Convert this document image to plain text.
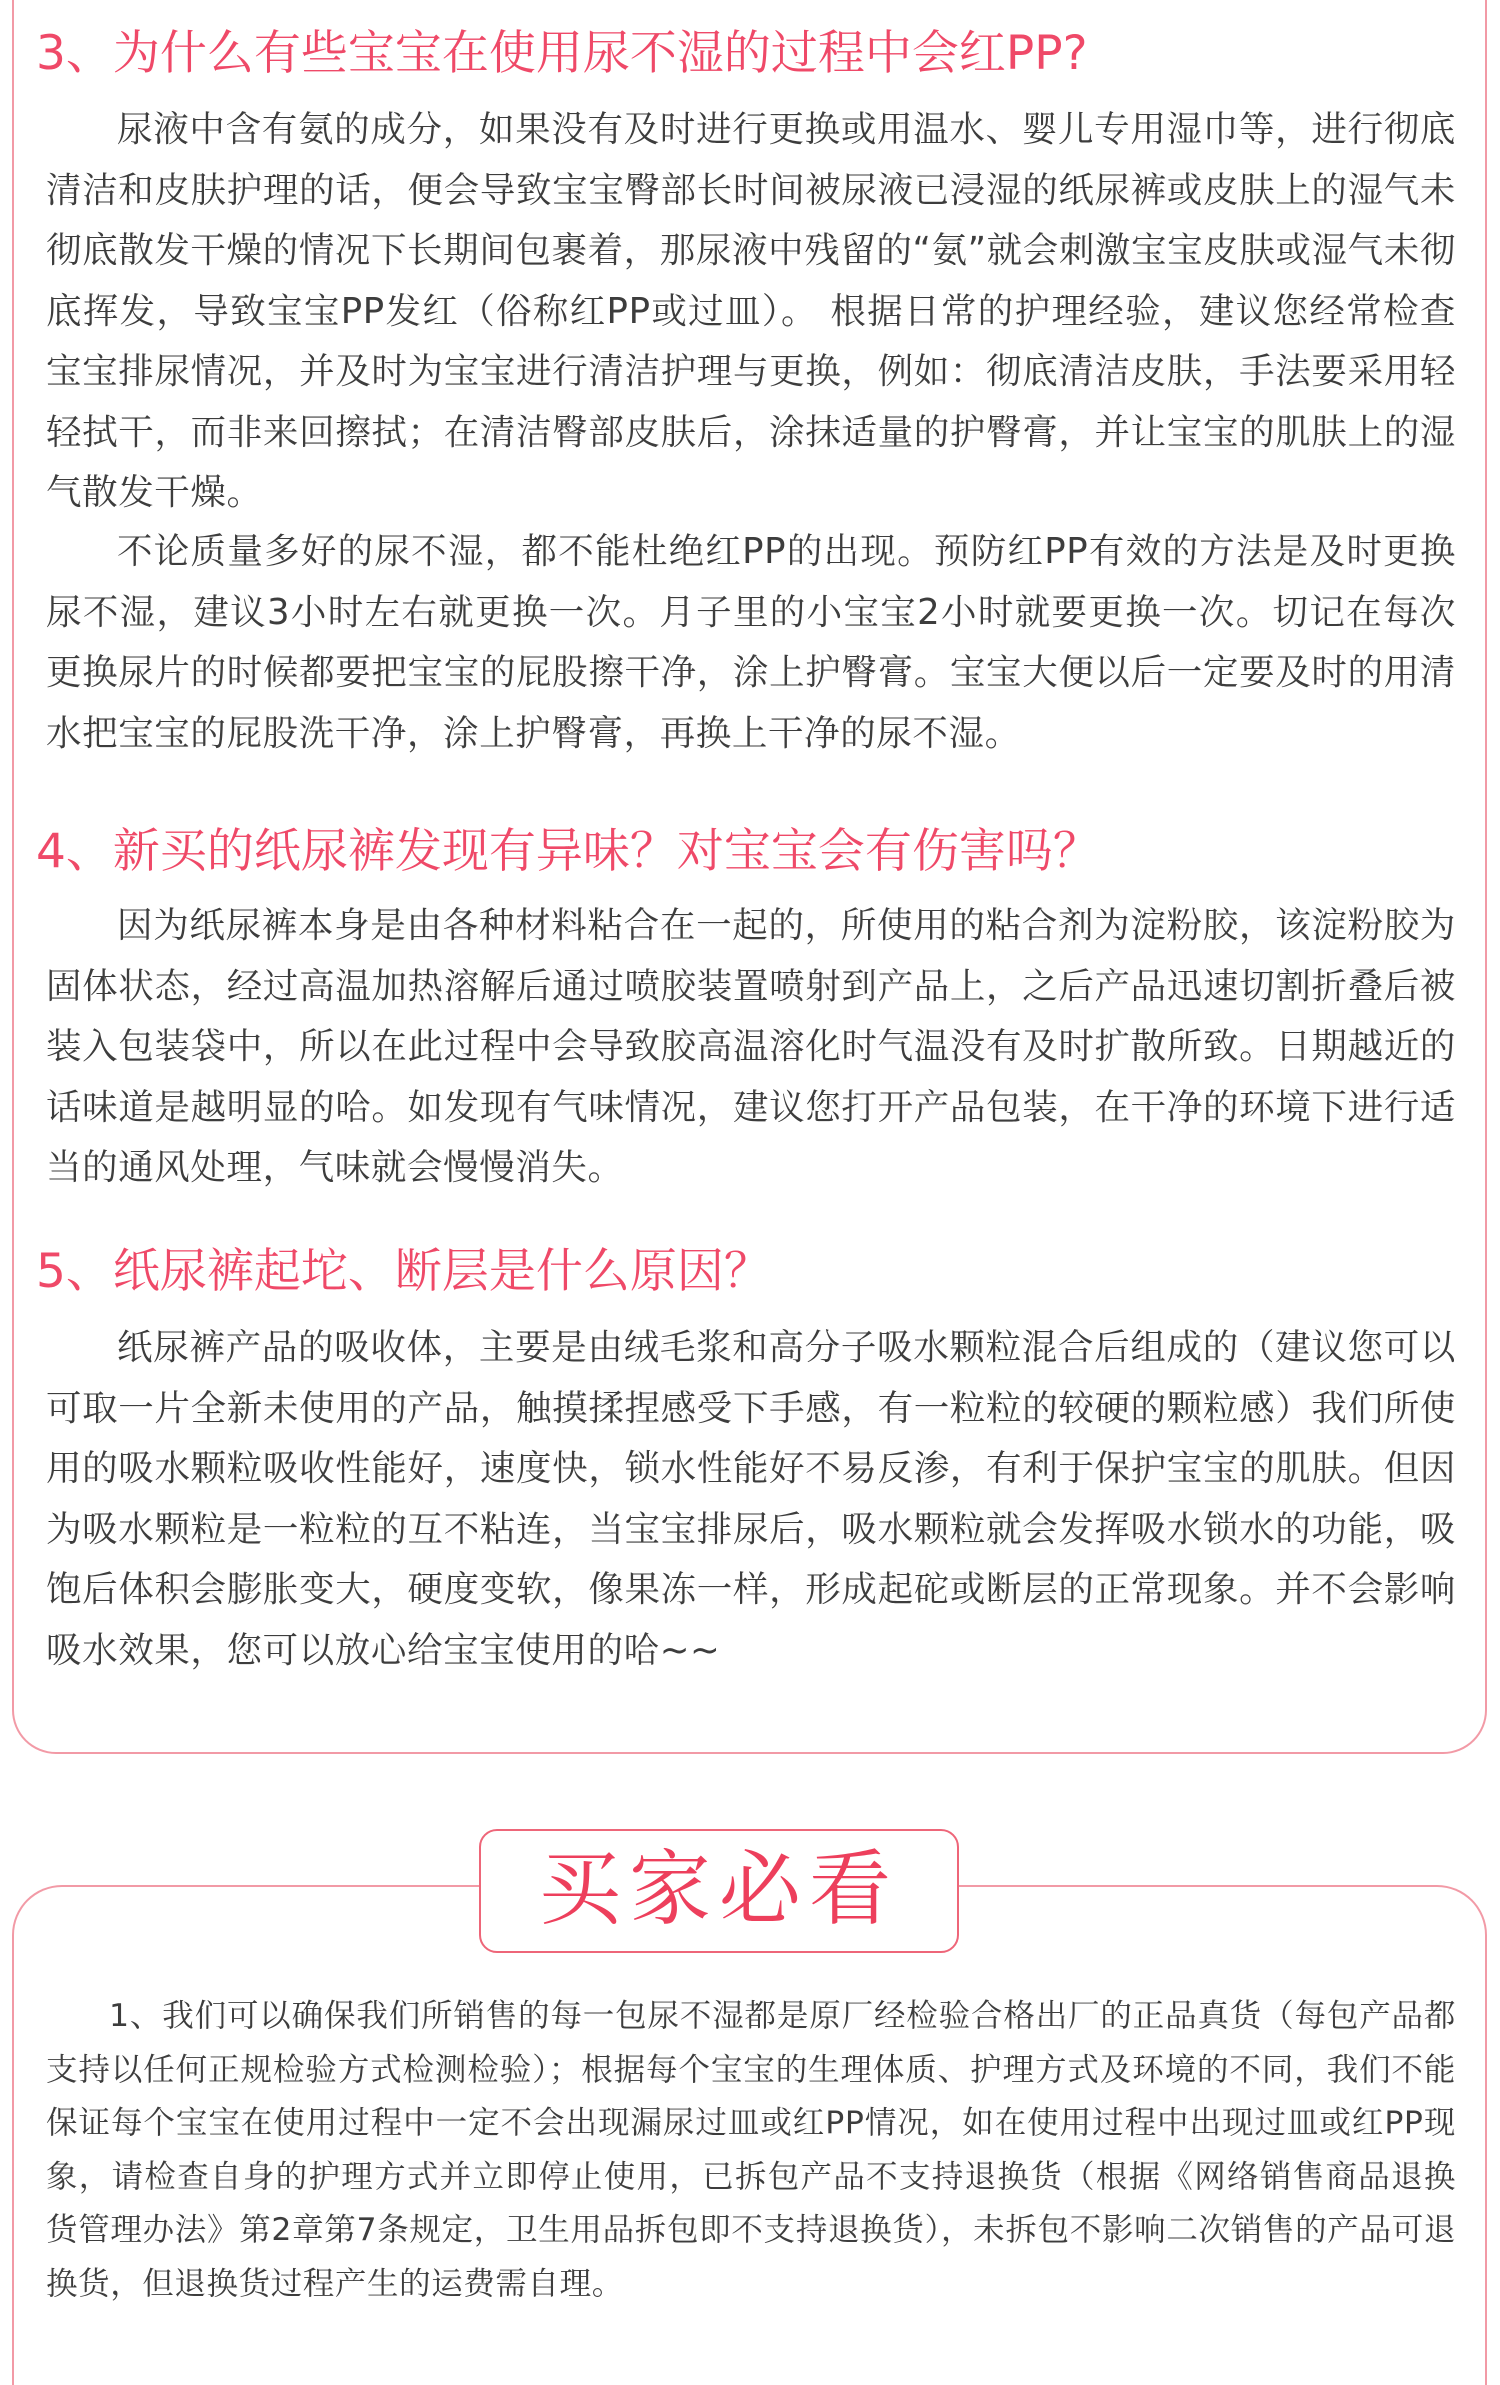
3、为什么有些宝宝在使用尿不湿的过程中会红PP?

尿液中含有氨的成分，如果没有及时进行更换或用温水、婴儿专用湿巾等，进行彻底清洁和皮肤护理的话，便会导致宝宝臀部长时间被尿液已浸湿的纸尿裤或皮肤上的湿气未彻底散发干燥的情况下长期间包裹着，那尿液中残留的“氨”就会刺激宝宝皮肤或湿气未彻底挥发，导致宝宝PP发红（俗称红PP或过皿）。 根据日常的护理经验，建议您经常检查宝宝排尿情况，并及时为宝宝进行清洁护理与更换，例如：彻底清洁皮肤，手法要采用轻轻拭干，而非来回擦拭；在清洁臀部皮肤后，涂抹适量的护臀膏，并让宝宝的肌肤上的湿气散发干燥。

不论质量多好的尿不湿，都不能杜绝红PP的出现。预防红PP有效的方法是及时更换尿不湿，建议3小时左右就更换一次。月子里的小宝宝2小时就要更换一次。切记在每次更换尿片的时候都要把宝宝的屁股擦干净，涂上护臀膏。宝宝大便以后一定要及时的用清水把宝宝的屁股洗干净，涂上护臀膏，再换上干净的尿不湿。

4、新买的纸尿裤发现有异味？对宝宝会有伤害吗？

因为纸尿裤本身是由各种材料粘合在一起的，所使用的粘合剂为淀粉胶，该淀粉胶为固体状态，经过高温加热溶解后通过喷胶装置喷射到产品上，之后产品迅速切割折叠后被装入包装袋中，所以在此过程中会导致胶高温溶化时气温没有及时扩散所致。日期越近的话味道是越明显的哈。如发现有气味情况，建议您打开产品包装，在干净的环境下进行适当的通风处理，气味就会慢慢消失。

5、纸尿裤起坨、断层是什么原因？

纸尿裤产品的吸收体，主要是由绒毛浆和高分子吸水颗粒混合后组成的（建议您可以可取一片全新未使用的产品，触摸揉捏感受下手感，有一粒粒的较硬的颗粒感）我们所使用的吸水颗粒吸收性能好，速度快，锁水性能好不易反渗，有利于保护宝宝的肌肤。但因为吸水颗粒是一粒粒的互不粘连，当宝宝排尿后，吸水颗粒就会发挥吸水锁水的功能，吸饱后体积会膨胀变大，硬度变软，像果冻一样，形成起砣或断层的正常现象。并不会影响吸水效果，您可以放心给宝宝使用的哈~~

买家必看

1、我们可以确保我们所销售的每一包尿不湿都是原厂经检验合格出厂的正品真货（每包产品都支持以任何正规检验方式检测检验）；根据每个宝宝的生理体质、护理方式及环境的不同，我们不能保证每个宝宝在使用过程中一定不会出现漏尿过皿或红PP情况，如在使用过程中出现过皿或红PP现象，请检查自身的护理方式并立即停止使用，已拆包产品不支持退换货（根据《网络销售商品退换货管理办法》第2章第7条规定，卫生用品拆包即不支持退换货），未拆包不影响二次销售的产品可退换货，但退换货过程产生的运费需自理。
